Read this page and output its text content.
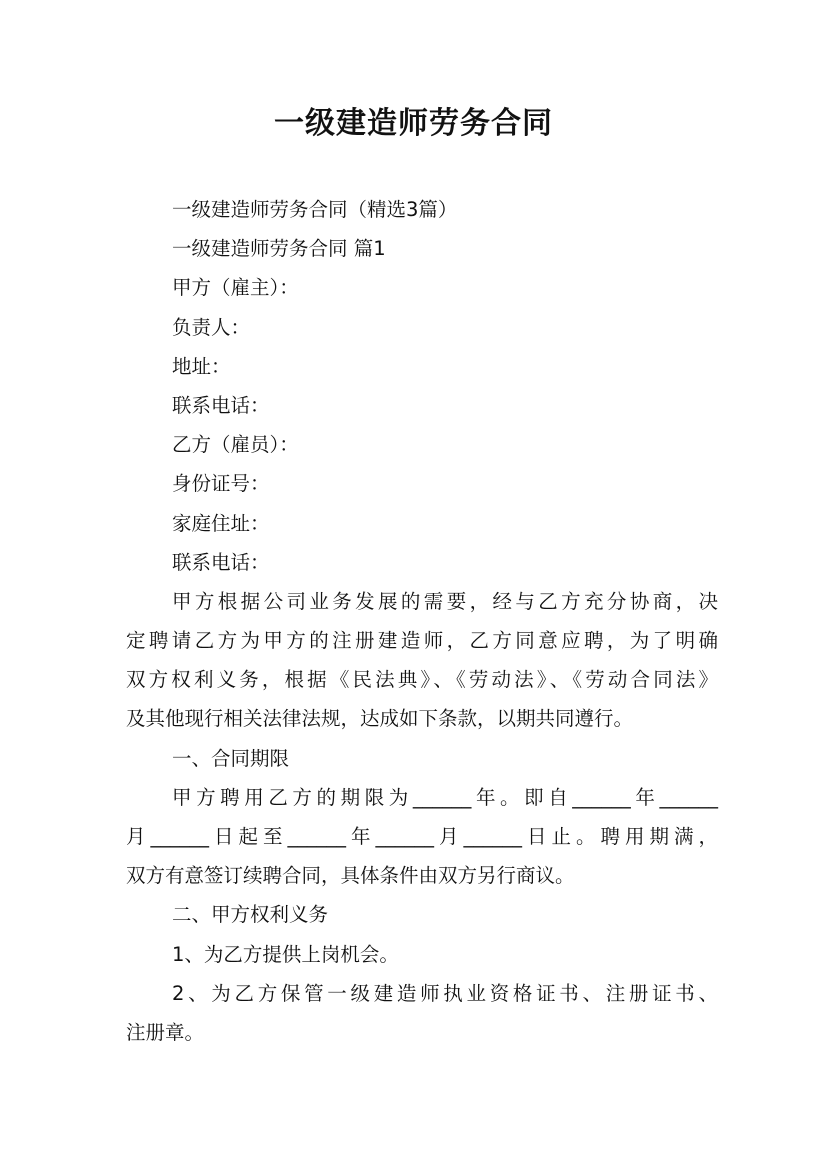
一级建造师劳务合同
一级建造师劳务合同（精选3篇）
一级建造师劳务合同 篇1
甲方（雇主）：
负责人：
地址：
联系电话：
乙方（雇员）：
身份证号：
家庭住址：
联系电话：
甲方根据公司业务发展的需要，经与乙方充分协商，决
定聘请乙方为甲方的注册建造师，乙方同意应聘，为了明确
双方权利义务，根据《民法典》、《劳动法》、《劳动合同法》
及其他现行相关法律法规，达成如下条款，以期共同遵行。
一、合同期限
甲方聘用乙方的期限为______年。即自______年______
月______日起至______年______月______日止。聘用期满，
双方有意签订续聘合同，具体条件由双方另行商议。
二、甲方权利义务
1、为乙方提供上岗机会。
2、为乙方保管一级建造师执业资格证书、注册证书、
注册章。
